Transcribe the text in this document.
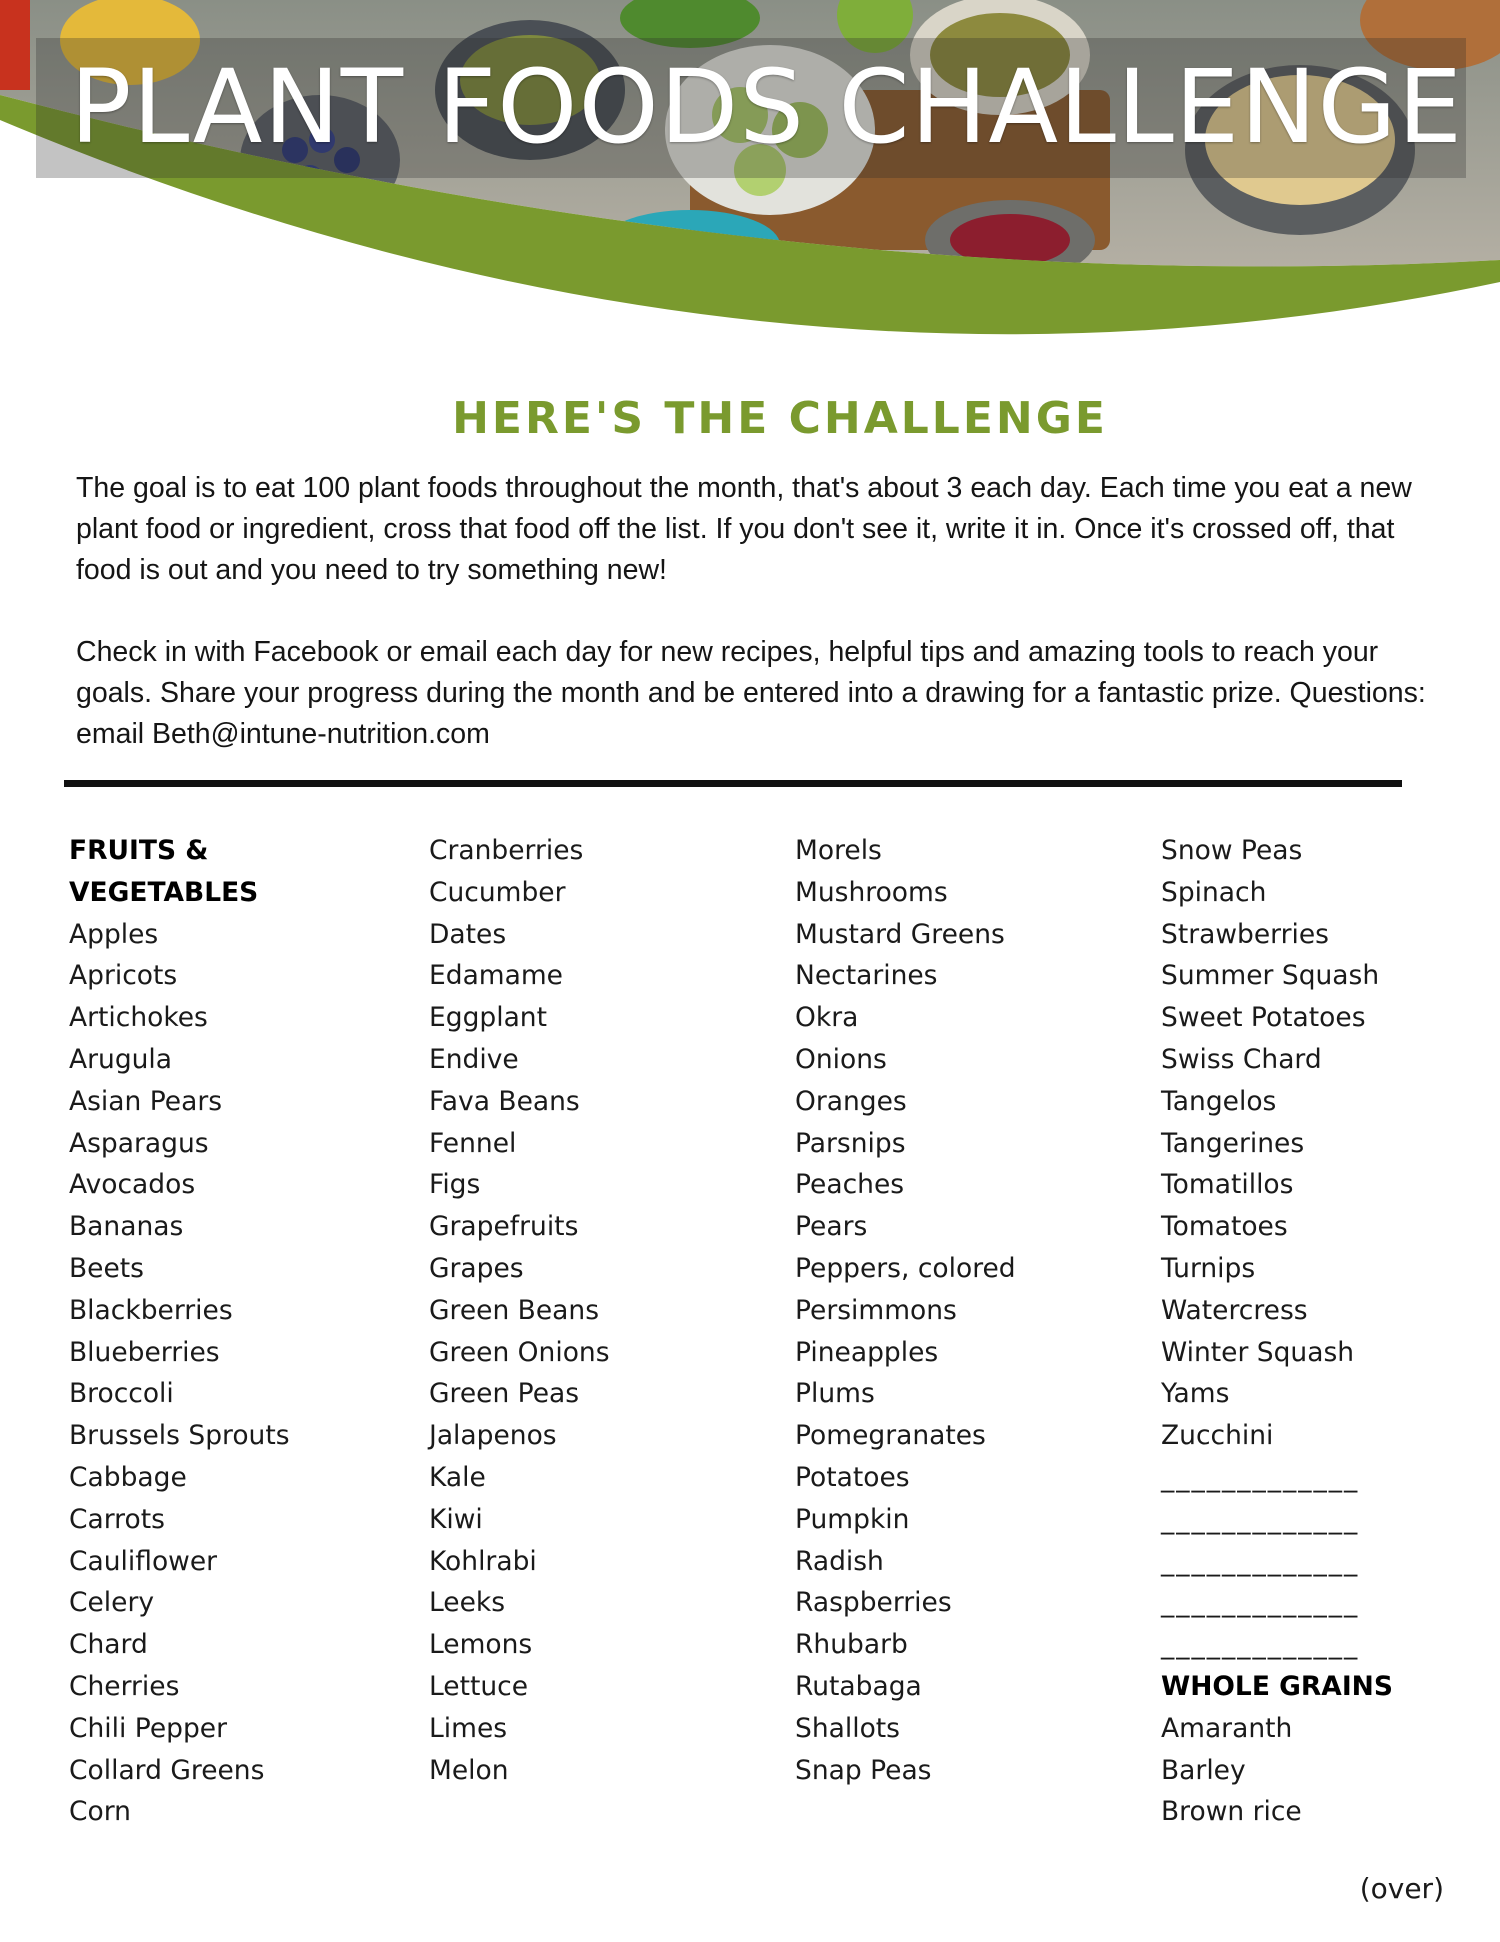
PLANT FOODS CHALLENGE
HERE'S THE CHALLENGE

The goal is to eat 100 plant foods throughout the month, that's about 3 each day. Each time you eat a new plant food or ingredient, cross that food off the list. If you don't see it, write it in. Once it's crossed off, that food is out and you need to try something new!

Check in with Facebook or email each day for new recipes, helpful tips and amazing tools to reach your goals. Share your progress during the month and be entered into a drawing for a fantastic prize. Questions: email Beth@intune-nutrition.com

FRUITS &
VEGETABLES
Apples
Apricots
Artichokes
Arugula
Asian Pears
Asparagus
Avocados
Bananas
Beets
Blackberries
Blueberries
Broccoli
Brussels Sprouts
Cabbage
Carrots
Cauliflower
Celery
Chard
Cherries
Chili Pepper
Collard Greens
Corn
Cranberries
Cucumber
Dates
Edamame
Eggplant
Endive
Fava Beans
Fennel
Figs
Grapefruits
Grapes
Green Beans
Green Onions
Green Peas
Jalapenos
Kale
Kiwi
Kohlrabi
Leeks
Lemons
Lettuce
Limes
Melon
Morels
Mushrooms
Mustard Greens
Nectarines
Okra
Onions
Oranges
Parsnips
Peaches
Pears
Peppers, colored
Persimmons
Pineapples
Plums
Pomegranates
Potatoes
Pumpkin
Radish
Raspberries
Rhubarb
Rutabaga
Shallots
Snap Peas
Snow Peas
Spinach
Strawberries
Summer Squash
Sweet Potatoes
Swiss Chard
Tangelos
Tangerines
Tomatillos
Tomatoes
Turnips
Watercress
Winter Squash
Yams
Zucchini
_____________
_____________
_____________
_____________
_____________
WHOLE GRAINS
Amaranth
Barley
Brown rice
(over)
